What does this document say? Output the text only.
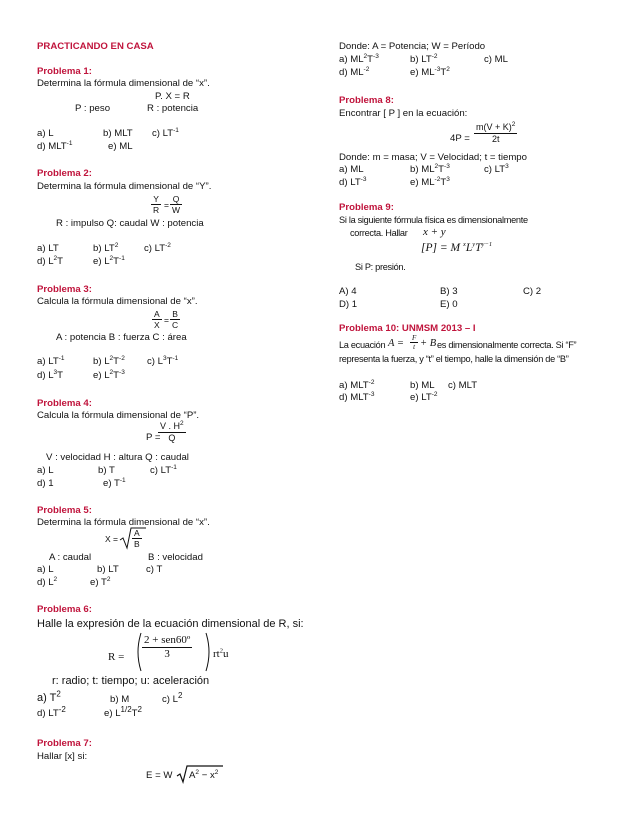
PRACTICANDO EN CASA
Problema 1:
Determina la fórmula dimensional de “x”.
P. X = R
P : peso	R : potencia
a) L	b) MLT c) $LT^{-1}$
d) $MLT^{-1}$	e) ML
Problema 2:
Determina la fórmula dimensional de “Y”.
$\frac{Y}{R} = \frac{Q}{W}$
R : impulso Q: caudal W : potencia
a) LT	b) $LT^2$	c) $LT^{-2}$
d) $L^2T$	e) $L^2T^{-1}$
Problema 3:
Calcula la fórmula dimensional de “x”.
$\frac{A}{X} = \frac{B}{C}$
A : potencia B : fuerza C : área
a) $LT^{-1}$	b) $L^2T^{-2}$ c) $L^3T^{-1}$
d) $L^3T$	e) $L^2T^{-3}$
Problema 4:
Calcula la fórmula dimensional de “P”.
P =
$\frac{V . H^2}{Q}$
V : velocidad H : altura Q : caudal
a) L	b) T	c) $LT^{-1}$
d) 1	e) $T^{-1}$
Problema 5:
Determina la fórmula dimensional de “x”.
$X = \frac{A}{B}$
A : caudal	B : velocidad
a) L	b) LT	c) T
d) $L^2$	e) $T^2$
Problema 6:
Halle la expresión de la ecuación dimensional de R, si:
R =
2 + sen60º
3	$rt^2u$
r: radio; t: tiempo; u: aceleración
a) $T^2$
b) M	c) $L^2$
d) $LT^{-2}$	e) $L^{1/2}T^2$
Problema 7:
Hallar [x] si:
E = W $A^2 - x^2$
Donde: A = Potencia; W = Período
a) $ML^2T^{-3}$	b) $LT^{-2}$	c) ML
d) $ML^{-2}$	e) $ML^{-3}T^2$
Problema 8:
Encontrar [ P ] en la ecuación:
$4P = \frac{m(V + K)^2}{2t}$
Donde: m = masa; V = Velocidad; t = tiempo
a) ML	b) $ML^2T^{-3}$	c) $LT^3$
d) $LT^{-3}$	e) $ML^{-2}T^3$
Problema 9:
Si la siguiente fórmula física es dimensionalmente
correcta. Hallar x + y
[P] = M $^xL^yT^{y-1}$
Si P: presión.
A) 4	B) 3	C) 2
D) 1	E) 0
Problema 10: UNMSM 2013 – I
La ecuación $A = \frac{F}{t} + B$ es dimensionalmente correcta. Si “F”
representa la fuerza, y “t” el tiempo, halle la dimensión de “B”
a) $MLT^{-2}$	b) ML c) MLT
d) $MLT^{-3}$	e) $LT^{-2}$
